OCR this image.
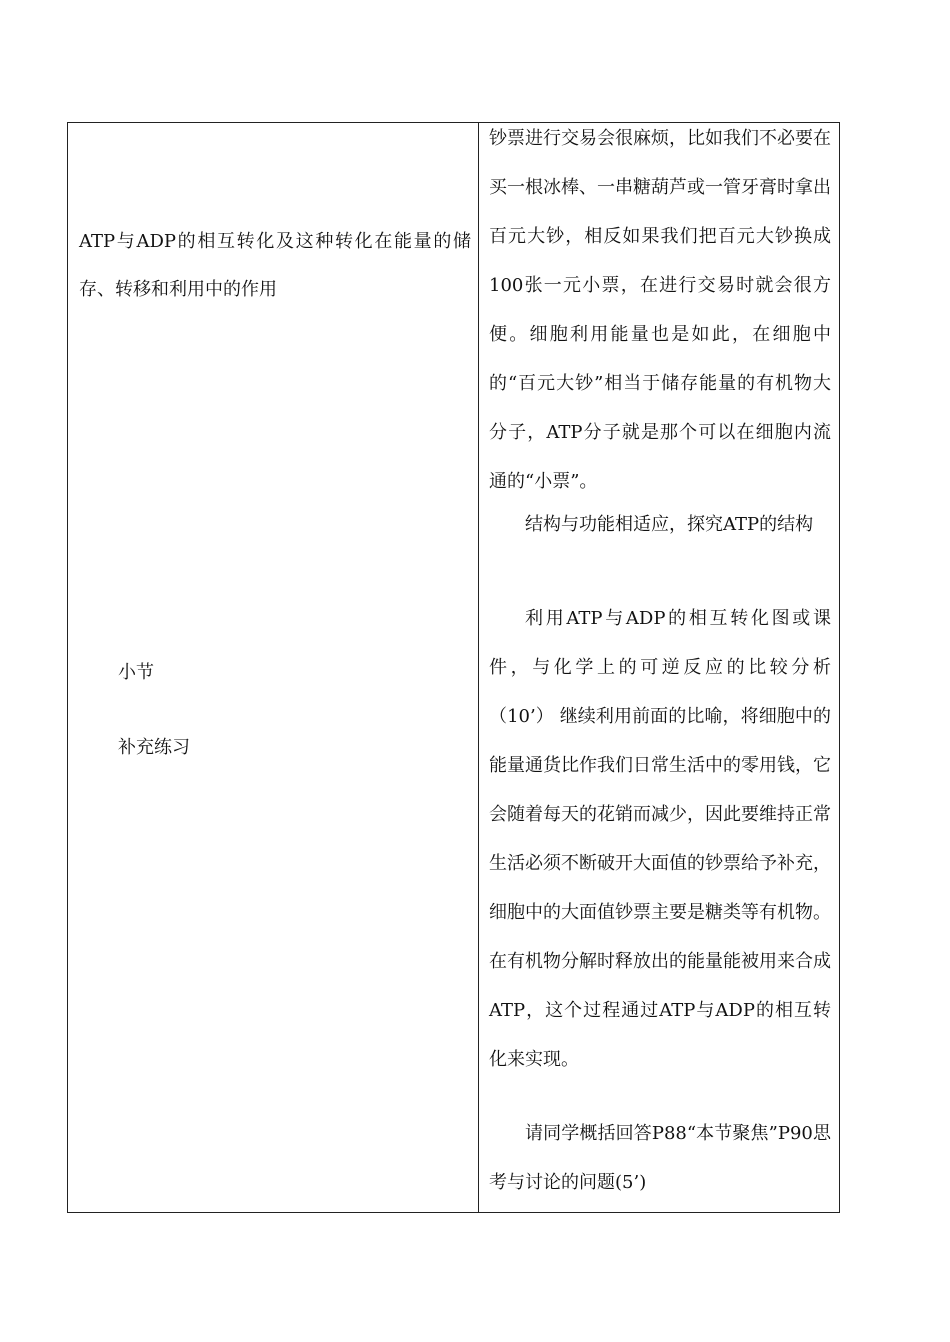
ATP与ADP的相互转化及这种转化在能量的储存、转移和利用中的作用

小节

补充练习

钞票进行交易会很麻烦，比如我们不必要在买一根冰棒、一串糖葫芦或一管牙膏时拿出百元大钞，相反如果我们把百元大钞换成100张一元小票，在进行交易时就会很方便。细胞利用能量也是如此，在细胞中的“百元大钞”相当于储存能量的有机物大分子，ATP分子就是那个可以在细胞内流通的“小票”。

结构与功能相适应，探究ATP的结构

利用ATP与ADP的相互转化图或课件，与化学上的可逆反应的比较分析（10’） 继续利用前面的比喻，将细胞中的能量通货比作我们日常生活中的零用钱，它会随着每天的花销而减少，因此要维持正常生活必须不断破开大面值的钞票给予补充，细胞中的大面值钞票主要是糖类等有机物。在有机物分解时释放出的能量能被用来合成ATP，这个过程通过ATP与ADP的相互转化来实现。

请同学概括回答P88“本节聚焦”P90思考与讨论的问题(5’)
